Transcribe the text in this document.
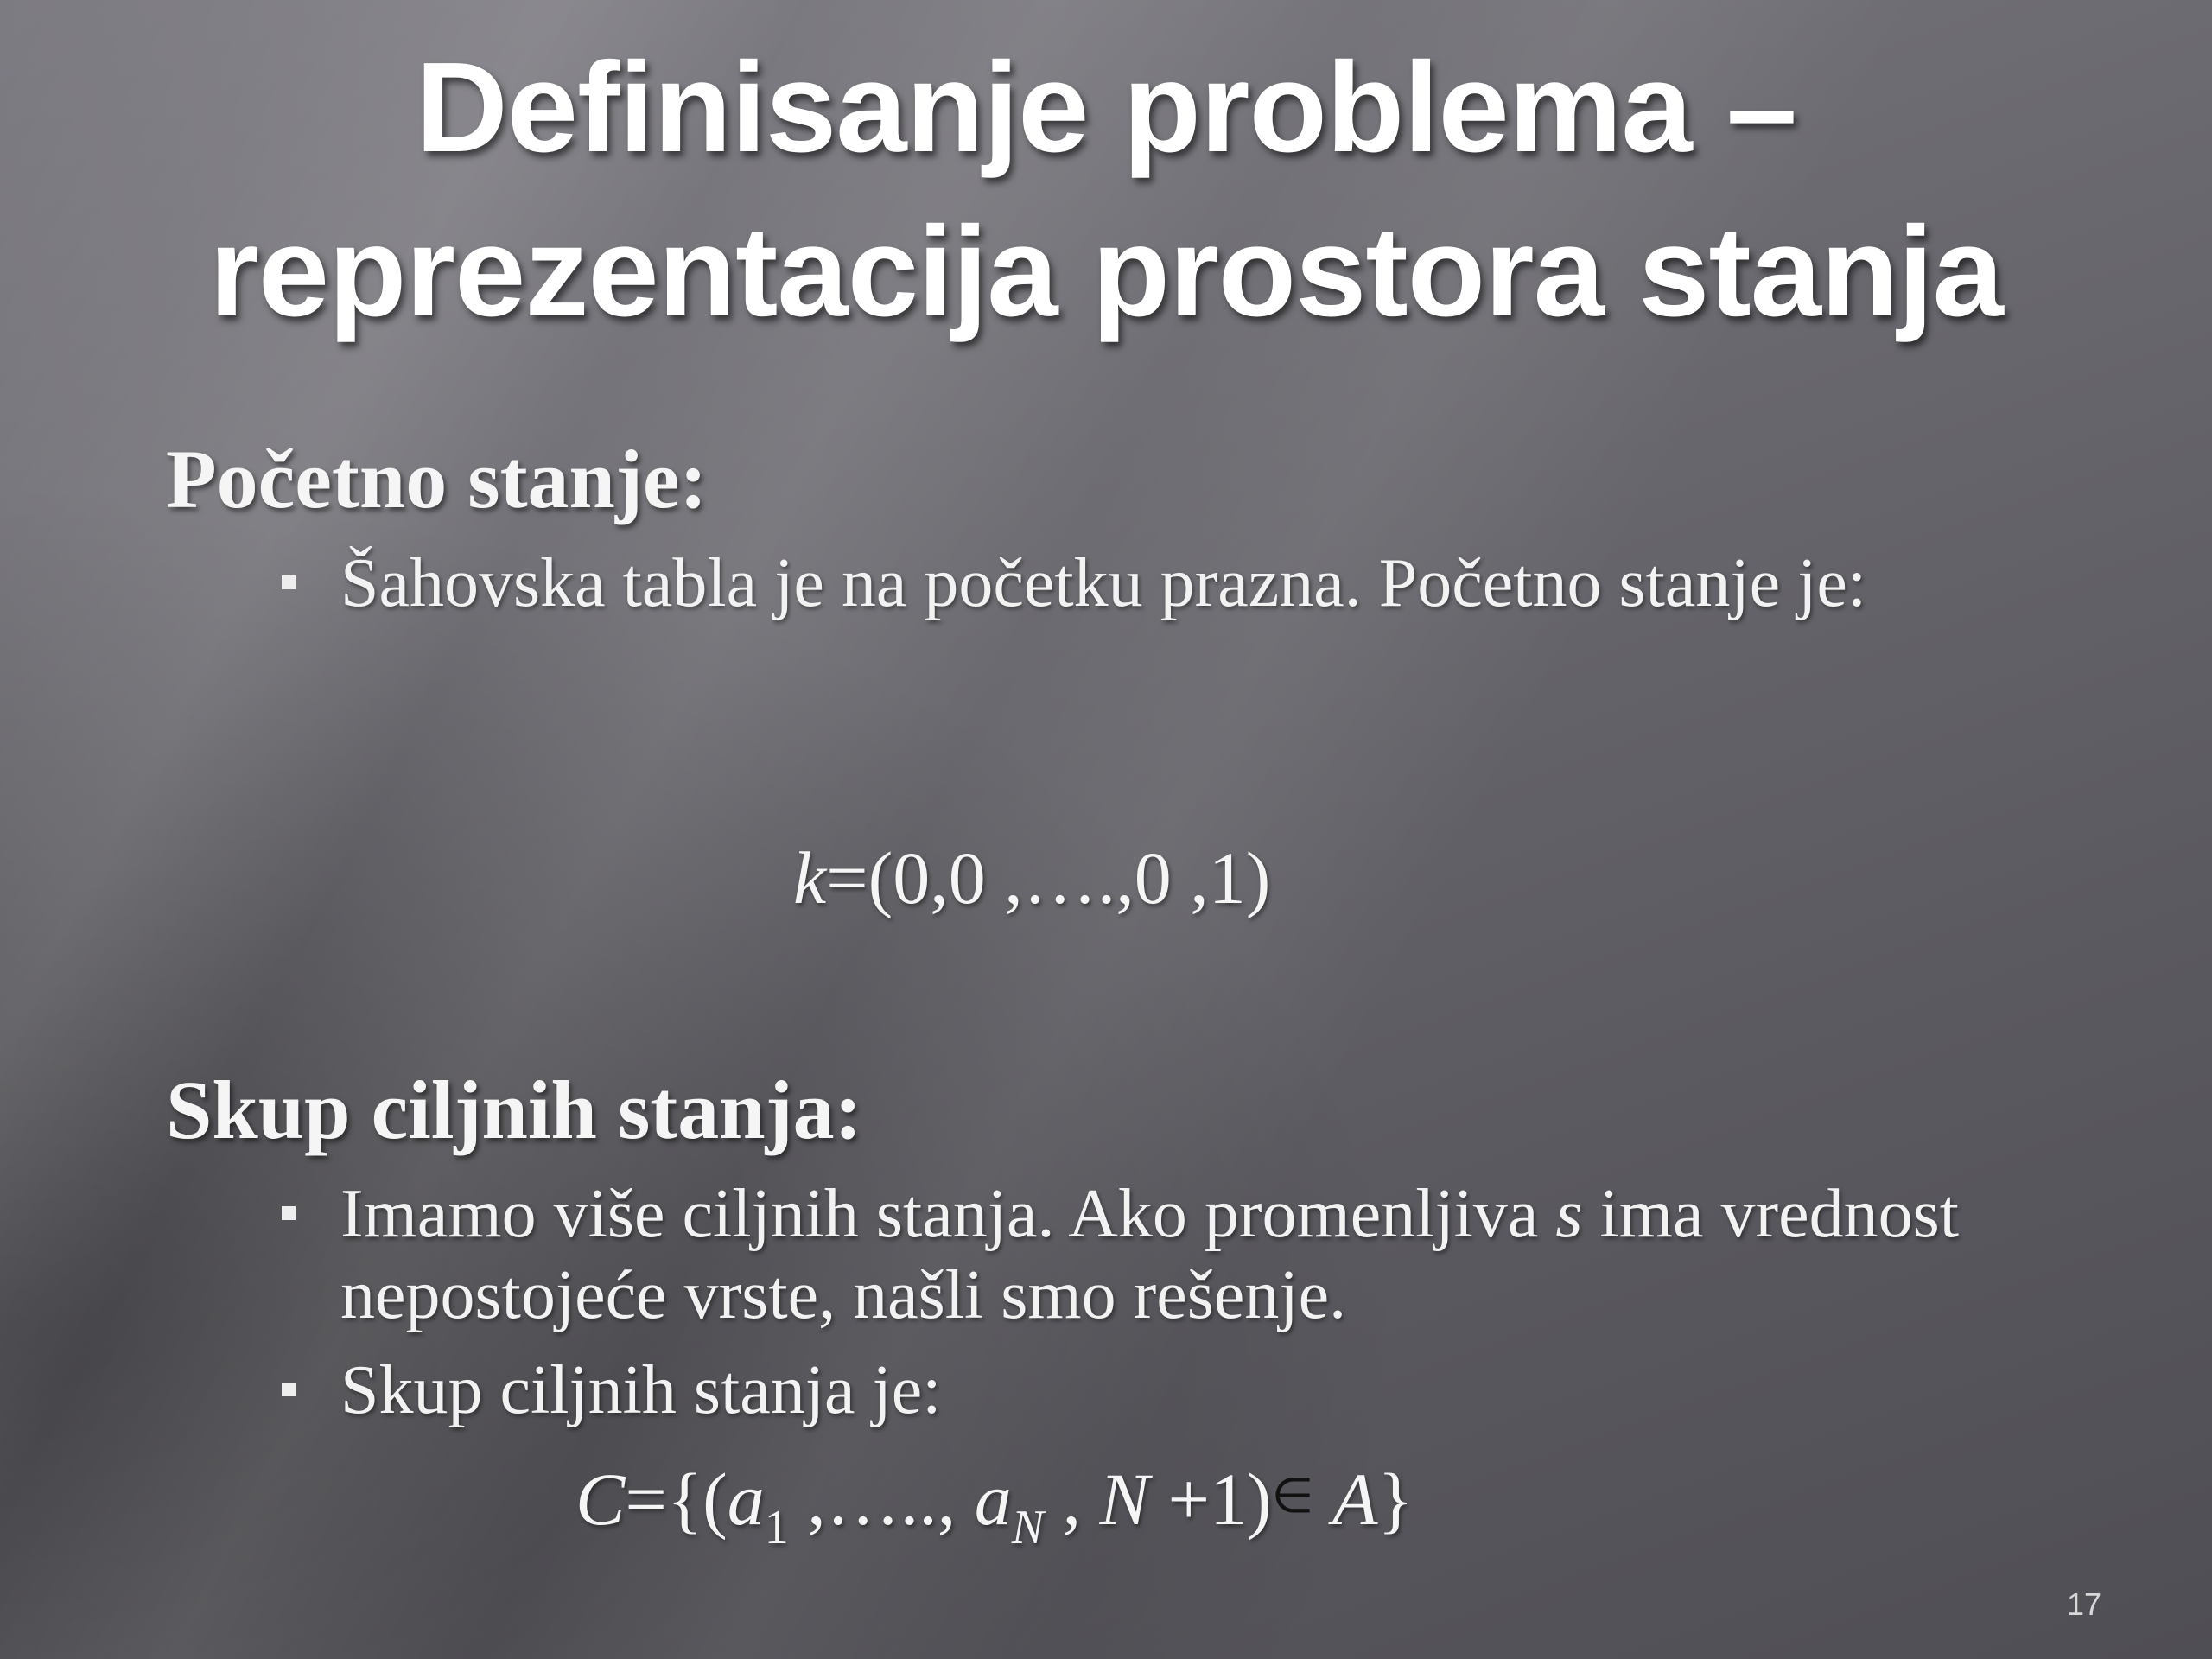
Definisanje problema –
reprezentacija prostora stanja
Početno stanje:
Šahovska tabla je na početku prazna. Početno stanje je:
k=(0,0 ,….,0 ,1)
Skup ciljnih stanja:
Imamo više ciljnih stanja. Ako promenljiva s ima vrednost nepostojeće vrste, našli smo rešenje.
Skup ciljnih stanja je:
$C=\{(a_1$ ,….., $a_N$ , N +1)∈ A}
17
